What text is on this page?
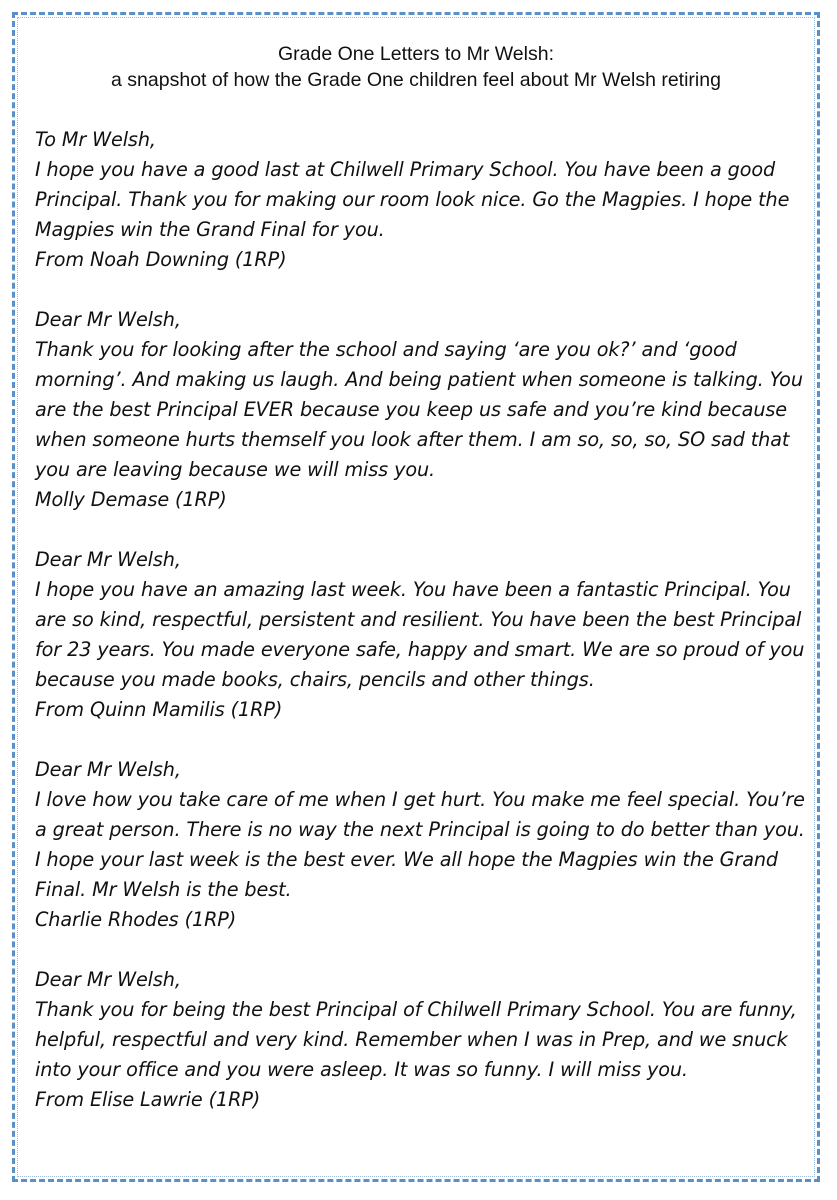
Grade One Letters to Mr Welsh:
a snapshot of how the Grade One children feel about Mr Welsh retiring

To Mr Welsh,

I hope you have a good last at Chilwell Primary School. You have been a good Principal. Thank you for making our room look nice. Go the Magpies. I hope the Magpies win the Grand Final for you.

From Noah Downing (1RP)

Dear Mr Welsh,

Thank you for looking after the school and saying ‘are you ok?’ and ‘good morning’. And making us laugh. And being patient when someone is talking. You are the best Principal EVER because you keep us safe and you’re kind because when someone hurts themself you look after them. I am so, so, so, SO sad that you are leaving because we will miss you.

Molly Demase (1RP)

Dear Mr Welsh,

I hope you have an amazing last week. You have been a fantastic Principal. You are so kind, respectful, persistent and resilient. You have been the best Principal for 23 years. You made everyone safe, happy and smart. We are so proud of you because you made books, chairs, pencils and other things.

From Quinn Mamilis (1RP)

Dear Mr Welsh,

I love how you take care of me when I get hurt. You make me feel special. You’re a great person. There is no way the next Principal is going to do better than you. I hope your last week is the best ever. We all hope the Magpies win the Grand Final. Mr Welsh is the best.

Charlie Rhodes (1RP)

Dear Mr Welsh,

Thank you for being the best Principal of Chilwell Primary School. You are funny, helpful, respectful and very kind. Remember when I was in Prep, and we snuck into your office and you were asleep. It was so funny. I will miss you.

From Elise Lawrie (1RP)
